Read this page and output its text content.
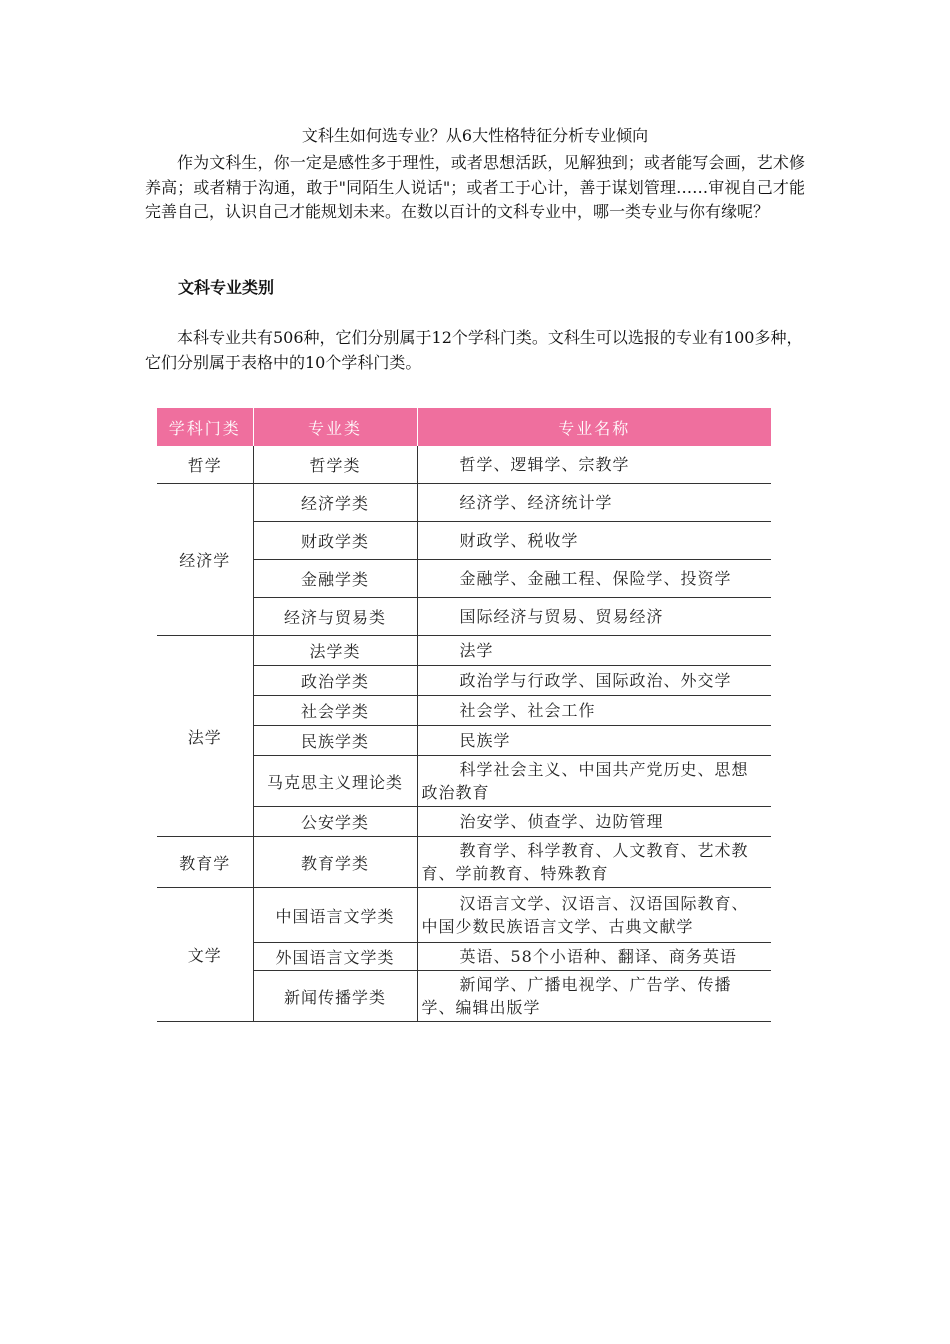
文科生如何选专业？从6大性格特征分析专业倾向

作为文科生，你一定是感性多于理性，或者思想活跃，见解独到；或者能写会画，艺术修养高；或者精于沟通，敢于"同陌生人说话"；或者工于心计，善于谋划管理……审视自己才能完善自己，认识自己才能规划未来。在数以百计的文科专业中，哪一类专业与你有缘呢？

文科专业类别

本科专业共有506种，它们分别属于12个学科门类。文科生可以选报的专业有100多种，它们分别属于表格中的10个学科门类。

学科门类	专业类	专业名称
哲学	哲学类	哲学、逻辑学、宗教学
经济学	经济学类	经济学、经济统计学
	财政学类	财政学、税收学
	金融学类	金融学、金融工程、保险学、投资学
	经济与贸易类	国际经济与贸易、贸易经济
法学	法学类	法学
	政治学类	政治学与行政学、国际政治、外交学
	社会学类	社会学、社会工作
	民族学类	民族学
	马克思主义理论类	科学社会主义、中国共产党历史、思想政治教育
	公安学类	治安学、侦查学、边防管理
教育学	教育学类	教育学、科学教育、人文教育、艺术教育、学前教育、特殊教育
文学	中国语言文学类	汉语言文学、汉语言、汉语国际教育、中国少数民族语言文学、古典文献学
	外国语言文学类	英语、58个小语种、翻译、商务英语
	新闻传播学类	新闻学、广播电视学、广告学、传播学、编辑出版学
